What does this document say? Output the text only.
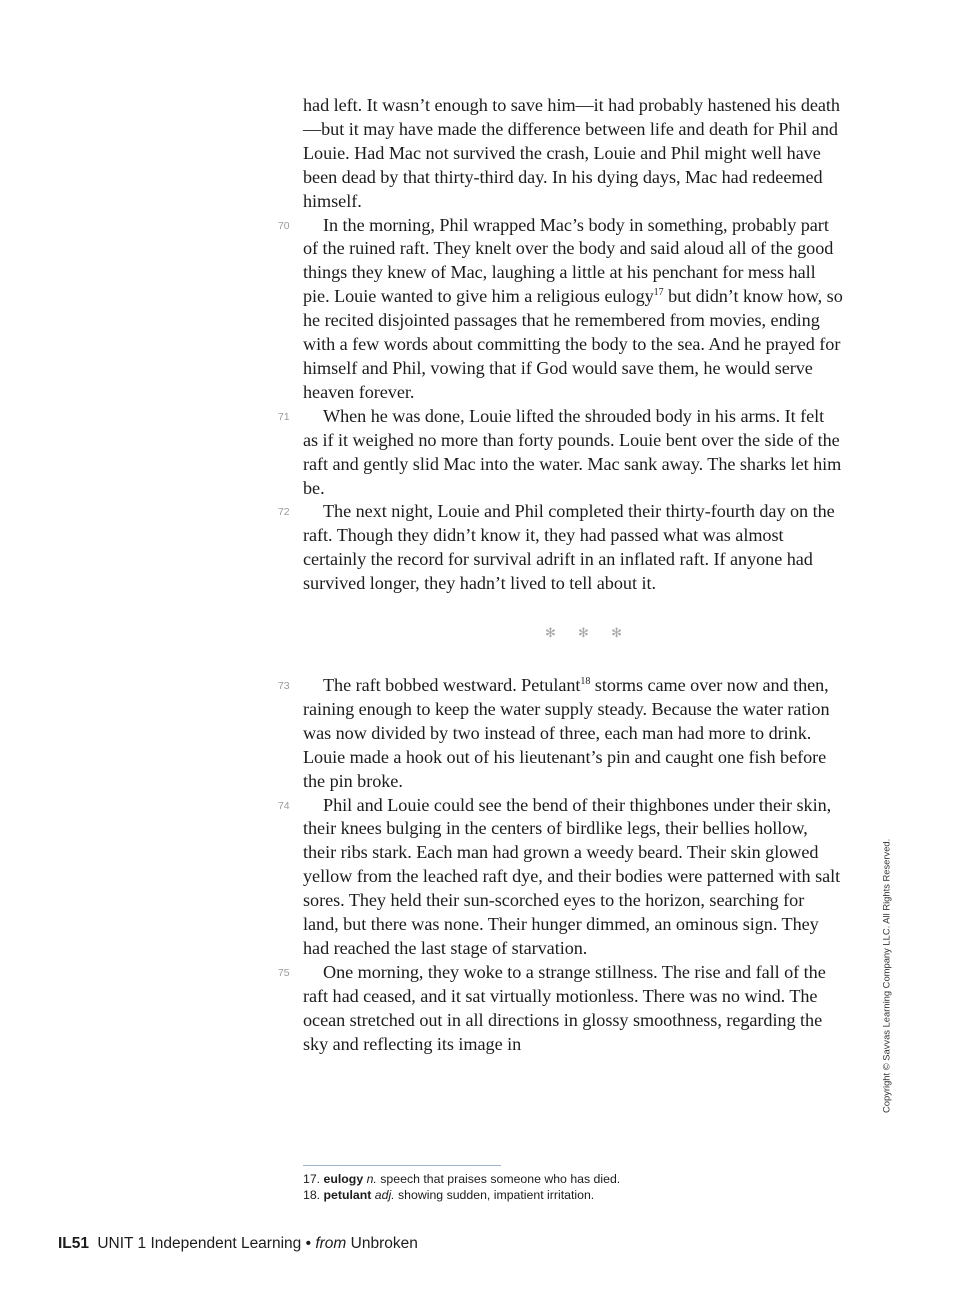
had left. It wasn’t enough to save him—it had probably hastened his death—but it may have made the difference between life and death for Phil and Louie. Had Mac not survived the crash, Louie and Phil might well have been dead by that thirty-third day. In his dying days, Mac had redeemed himself.

70 In the morning, Phil wrapped Mac’s body in something, probably part of the ruined raft. They knelt over the body and said aloud all of the good things they knew of Mac, laughing a little at his penchant for mess hall pie. Louie wanted to give him a religious eulogy$^{17}$ but didn’t know how, so he recited disjointed passages that he remembered from movies, ending with a few words about committing the body to the sea. And he prayed for himself and Phil, vowing that if God would save them, he would serve heaven forever.

71 When he was done, Louie lifted the shrouded body in his arms. It felt as if it weighed no more than forty pounds. Louie bent over the side of the raft and gently slid Mac into the water. Mac sank away. The sharks let him be.

72 The next night, Louie and Phil completed their thirty-fourth day on the raft. Though they didn’t know it, they had passed what was almost certainly the record for survival adrift in an inflated raft. If anyone had survived longer, they hadn’t lived to tell about it.

✻ ✻ ✻

73 The raft bobbed westward. Petulant$^{18}$ storms came over now and then, raining enough to keep the water supply steady. Because the water ration was now divided by two instead of three, each man had more to drink. Louie made a hook out of his lieutenant’s pin and caught one fish before the pin broke.

74 Phil and Louie could see the bend of their thighbones under their skin, their knees bulging in the centers of birdlike legs, their bellies hollow, their ribs stark. Each man had grown a weedy beard. Their skin glowed yellow from the leached raft dye, and their bodies were patterned with salt sores. They held their sun-scorched eyes to the horizon, searching for land, but there was none. Their hunger dimmed, an ominous sign. They had reached the last stage of starvation.

75 One morning, they woke to a strange stillness. The rise and fall of the raft had ceased, and it sat virtually motionless. There was no wind. The ocean stretched out in all directions in glossy smoothness, regarding the sky and reflecting its image in

17. eulogy n. speech that praises someone who has died.
18. petulant adj. showing sudden, impatient irritation.
Copyright © Savvas Learning Company LLC. All Rights Reserved.
IL51 UNIT 1 Independent Learning • from Unbroken
